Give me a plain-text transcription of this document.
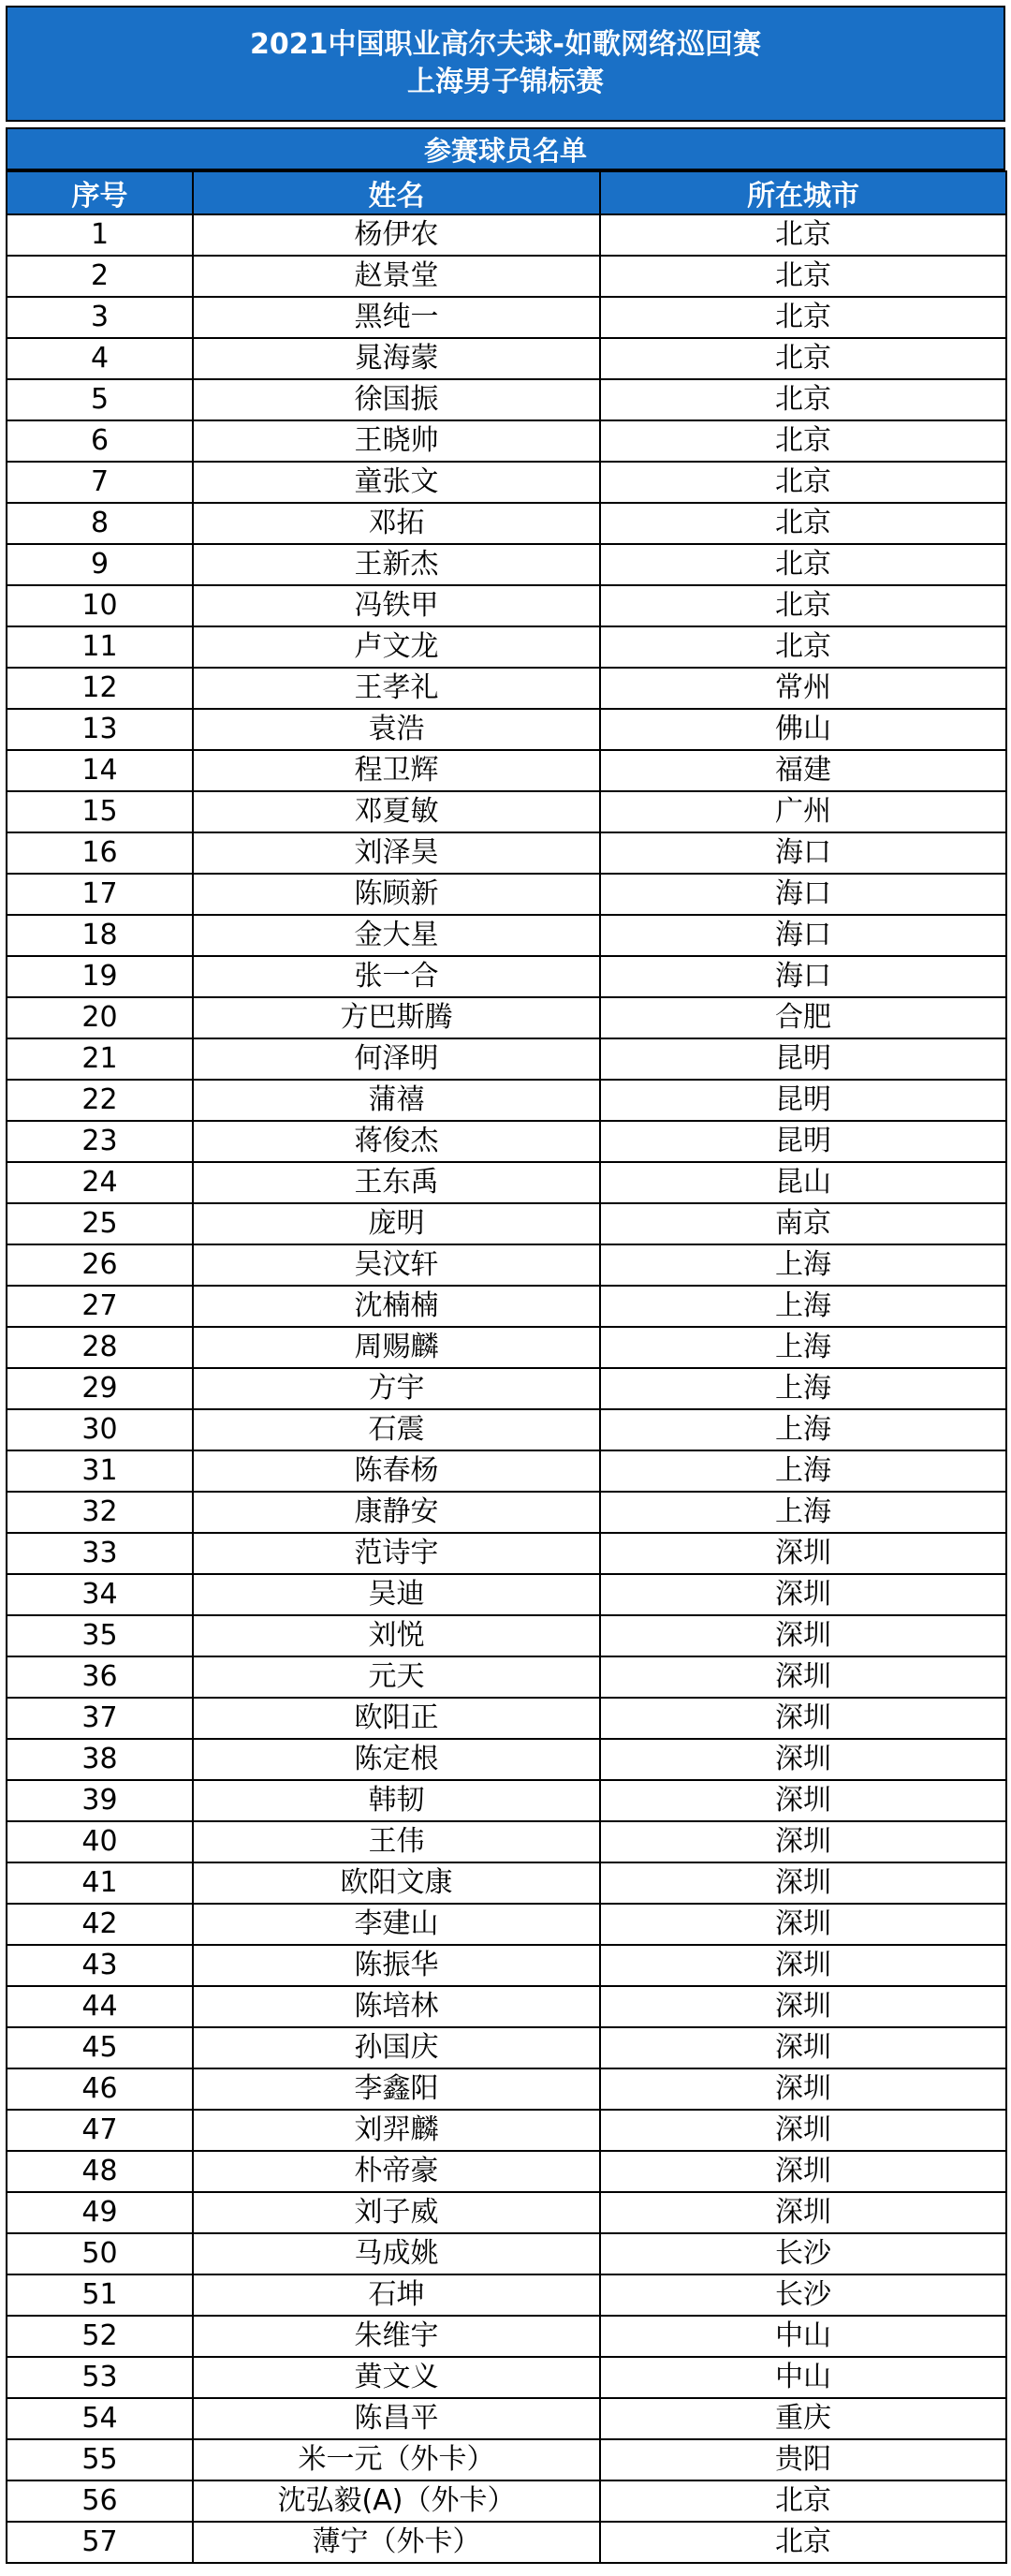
2021中国职业高尔夫球-如歌网络巡回赛
上海男子锦标赛
参赛球员名单
序号	姓名	所在城市
1	杨伊农	北京
2	赵景堂	北京
3	黑纯一	北京
4	晁海蒙	北京
5	徐国振	北京
6	王晓帅	北京
7	童张文	北京
8	邓拓	北京
9	王新杰	北京
10	冯铁甲	北京
11	卢文龙	北京
12	王孝礼	常州
13	袁浩	佛山
14	程卫辉	福建
15	邓夏敏	广州
16	刘泽昊	海口
17	陈顾新	海口
18	金大星	海口
19	张一合	海口
20	方巴斯腾	合肥
21	何泽明	昆明
22	蒲禧	昆明
23	蒋俊杰	昆明
24	王东禹	昆山
25	庞明	南京
26	吴汶轩	上海
27	沈楠楠	上海
28	周赐麟	上海
29	方宇	上海
30	石震	上海
31	陈春杨	上海
32	康静安	上海
33	范诗宇	深圳
34	吴迪	深圳
35	刘悦	深圳
36	元天	深圳
37	欧阳正	深圳
38	陈定根	深圳
39	韩韧	深圳
40	王伟	深圳
41	欧阳文康	深圳
42	李建山	深圳
43	陈振华	深圳
44	陈培林	深圳
45	孙国庆	深圳
46	李鑫阳	深圳
47	刘羿麟	深圳
48	朴帝豪	深圳
49	刘子威	深圳
50	马成姚	长沙
51	石坤	长沙
52	朱维宇	中山
53	黄文义	中山
54	陈昌平	重庆
55	米一元（外卡）	贵阳
56	沈弘毅(A)（外卡）	北京
57	薄宁（外卡）	北京
